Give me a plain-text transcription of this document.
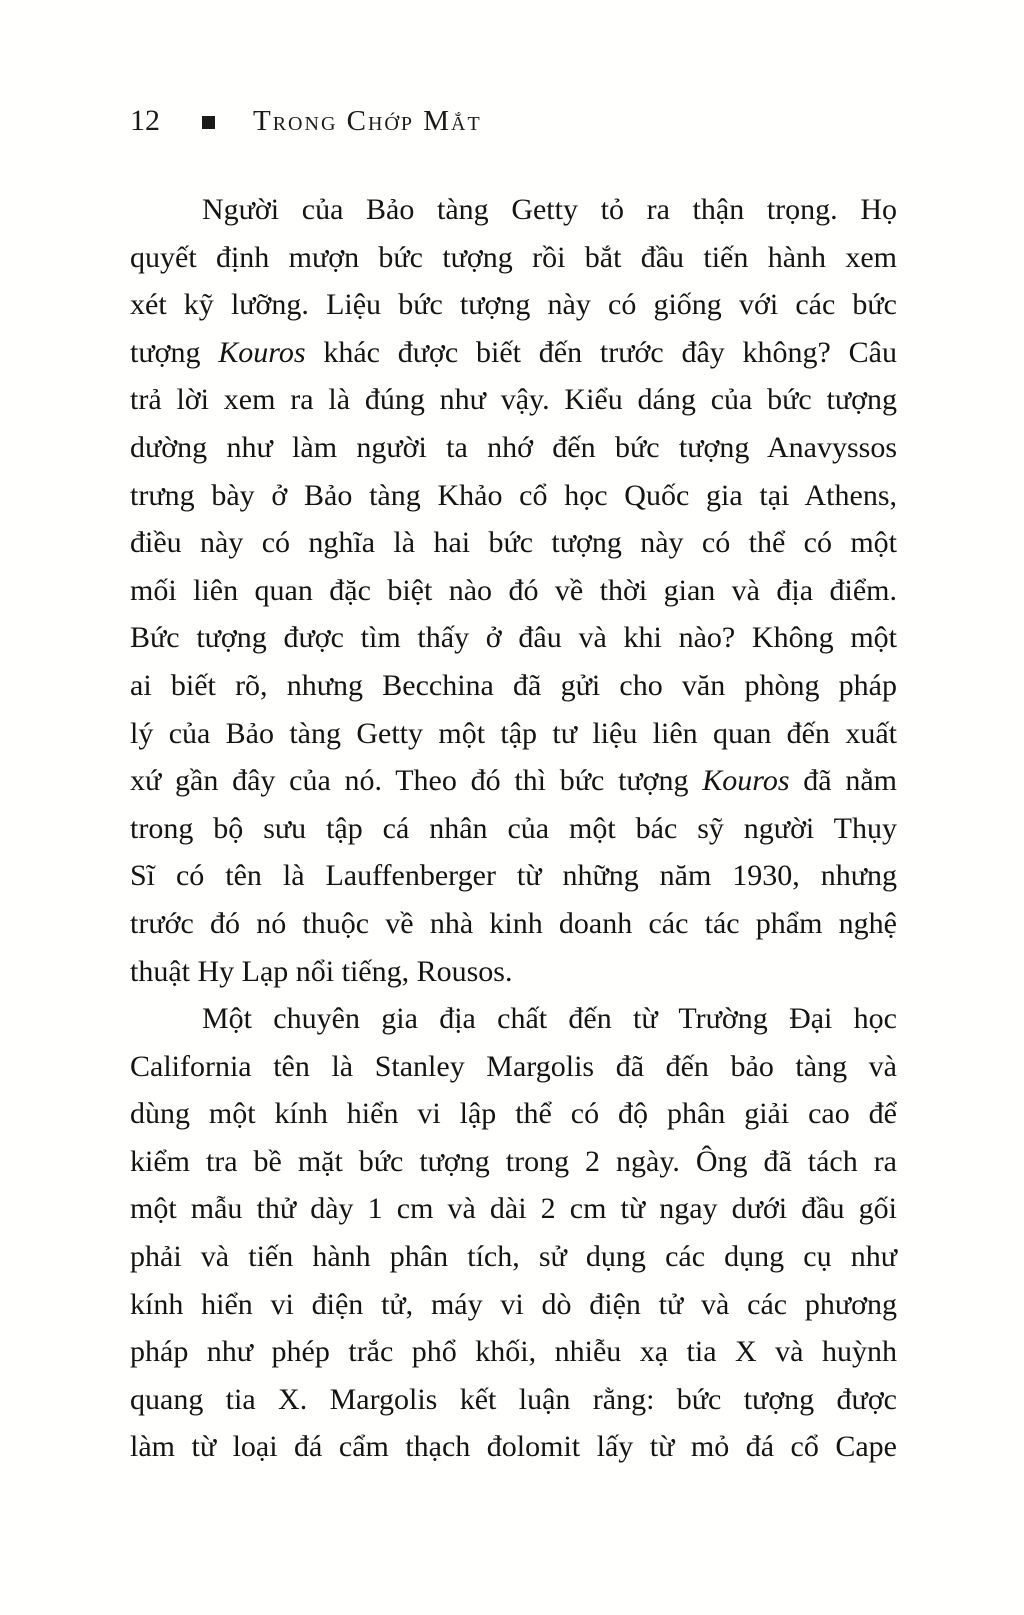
12	Trong Chớp Mắt
Người của Bảo tàng Getty tỏ ra thận trọng. Họ
quyết định mượn bức tượng rồi bắt đầu tiến hành xem
xét kỹ lưỡng. Liệu bức tượng này có giống với các bức
tượng Kouros khác được biết đến trước đây không? Câu
trả lời xem ra là đúng như vậy. Kiểu dáng của bức tượng
dường như làm người ta nhớ đến bức tượng Anavyssos
trưng bày ở Bảo tàng Khảo cổ học Quốc gia tại Athens,
điều này có nghĩa là hai bức tượng này có thể có một
mối liên quan đặc biệt nào đó về thời gian và địa điểm.
Bức tượng được tìm thấy ở đâu và khi nào? Không một
ai biết rõ, nhưng Becchina đã gửi cho văn phòng pháp
lý của Bảo tàng Getty một tập tư liệu liên quan đến xuất
xứ gần đây của nó. Theo đó thì bức tượng Kouros đã nằm
trong bộ sưu tập cá nhân của một bác sỹ người Thụy
Sĩ có tên là Lauffenberger từ những năm 1930, nhưng
trước đó nó thuộc về nhà kinh doanh các tác phẩm nghệ
thuật Hy Lạp nổi tiếng, Rousos.
Một chuyên gia địa chất đến từ Trường Đại học
California tên là Stanley Margolis đã đến bảo tàng và
dùng một kính hiển vi lập thể có độ phân giải cao để
kiểm tra bề mặt bức tượng trong 2 ngày. Ông đã tách ra
một mẫu thử dày 1 cm và dài 2 cm từ ngay dưới đầu gối
phải và tiến hành phân tích, sử dụng các dụng cụ như
kính hiển vi điện tử, máy vi dò điện tử và các phương
pháp như phép trắc phổ khối, nhiễu xạ tia X và huỳnh
quang tia X. Margolis kết luận rằng: bức tượng được
làm từ loại đá cẩm thạch đolomit lấy từ mỏ đá cổ Cape
